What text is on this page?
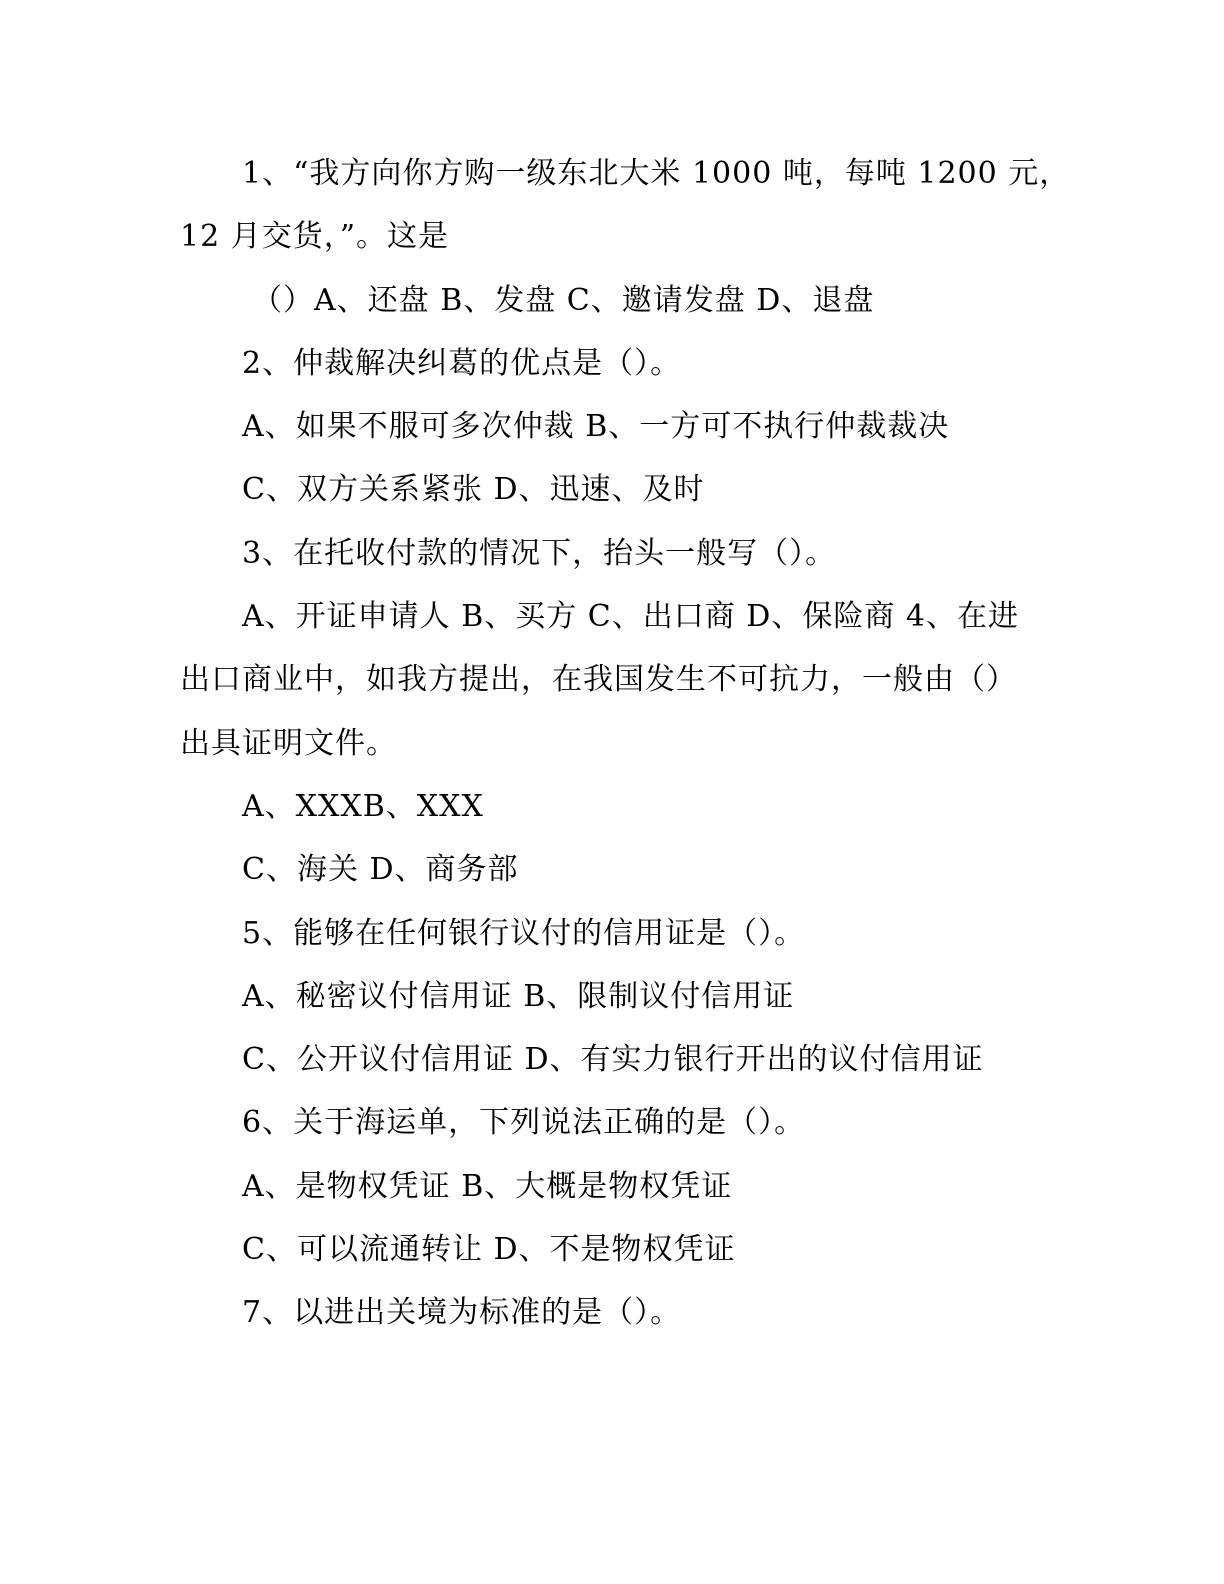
1、“我方向你方购一级东北大米 1000 吨，每吨 1200 元，
12 月交货，”。这是
（）A、还盘 B、发盘 C、邀请发盘 D、退盘
2、仲裁解决纠葛的优点是（）。
A、如果不服可多次仲裁 B、一方可不执行仲裁裁决
C、双方关系紧张 D、迅速、及时
3、在托收付款的情况下，抬头一般写（）。
A、开证申请人 B、买方 C、出口商 D、保险商 4、在进
出口商业中，如我方提出，在我国发生不可抗力，一般由（）
出具证明文件。
A、XXXB、XXX
C、海关 D、商务部
5、能够在任何银行议付的信用证是（）。
A、秘密议付信用证 B、限制议付信用证
C、公开议付信用证 D、有实力银行开出的议付信用证
6、关于海运单，下列说法正确的是（）。
A、是物权凭证 B、大概是物权凭证
C、可以流通转让 D、不是物权凭证
7、以进出关境为标准的是（）。
